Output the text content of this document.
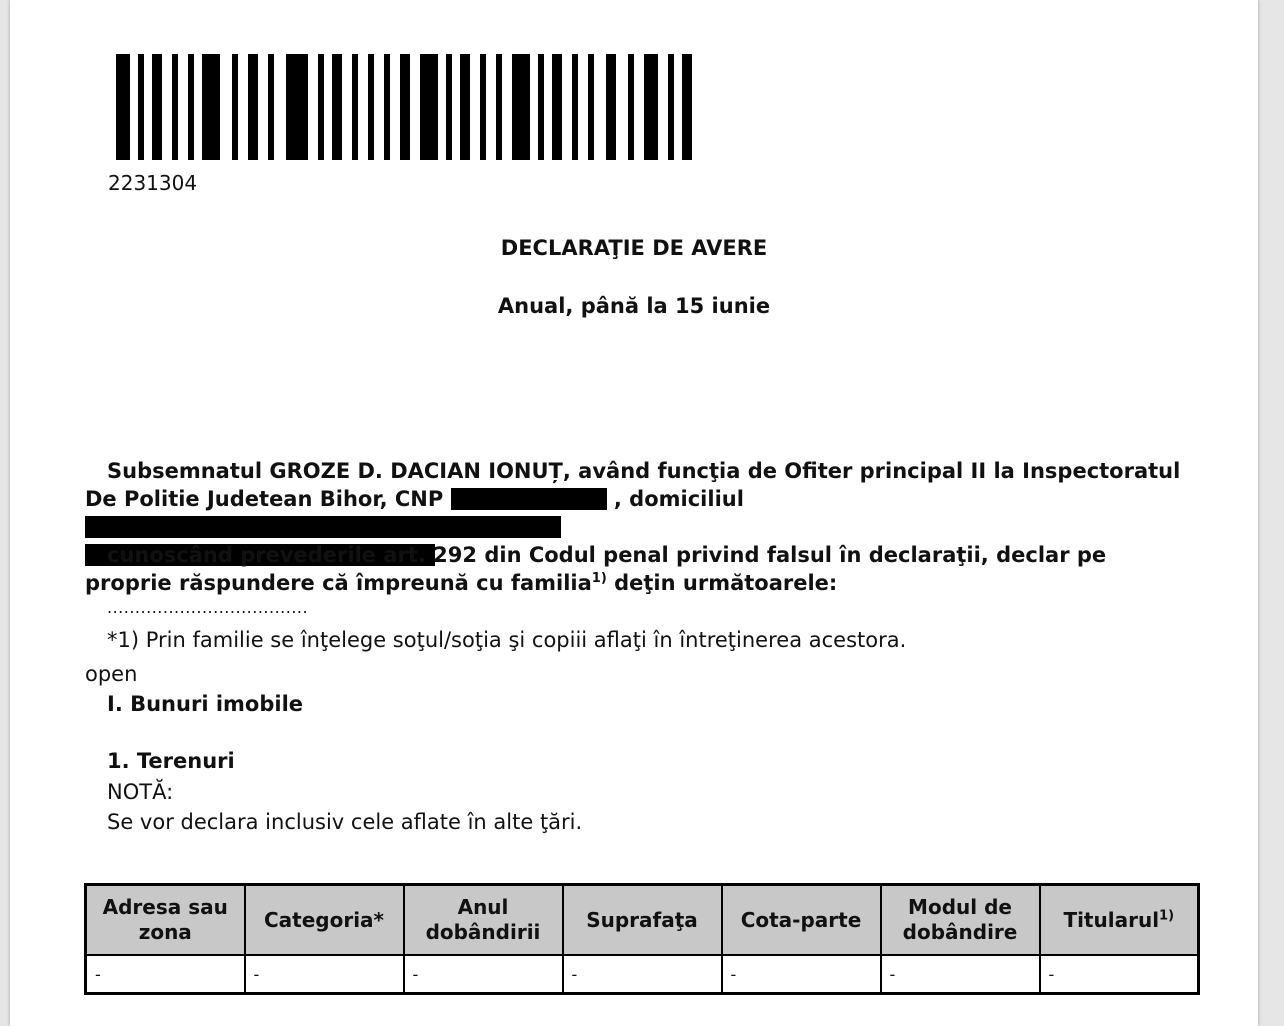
2231304
DECLARAŢIE DE AVERE
Anual, până la 15 iunie
Subsemnatul GROZE D. DACIAN IONUȚ, având funcţia de Ofiter principal II la Inspectoratul De Politie Judetean Bihor, CNP	, domiciliul

cunoscând prevederile art. 292 din Codul penal privind falsul în declaraţii, declar pe proprie răspundere că împreună cu familia$^{1)}$ deţin următoarele:
....................................
*1) Prin familie se înţelege soţul/soţia şi copiii aflaţi în întreţinerea acestora.
open
I. Bunuri imobile
1. Terenuri
NOTĂ:
Se vor declara inclusiv cele aflate în alte ţări.
Adresa sau zona	Categoria*	Anul dobândirii	Suprafaţa	Cota-parte	Modul de dobândire	Titularul$^{1)}$
-	-	-	-	-	-	-
